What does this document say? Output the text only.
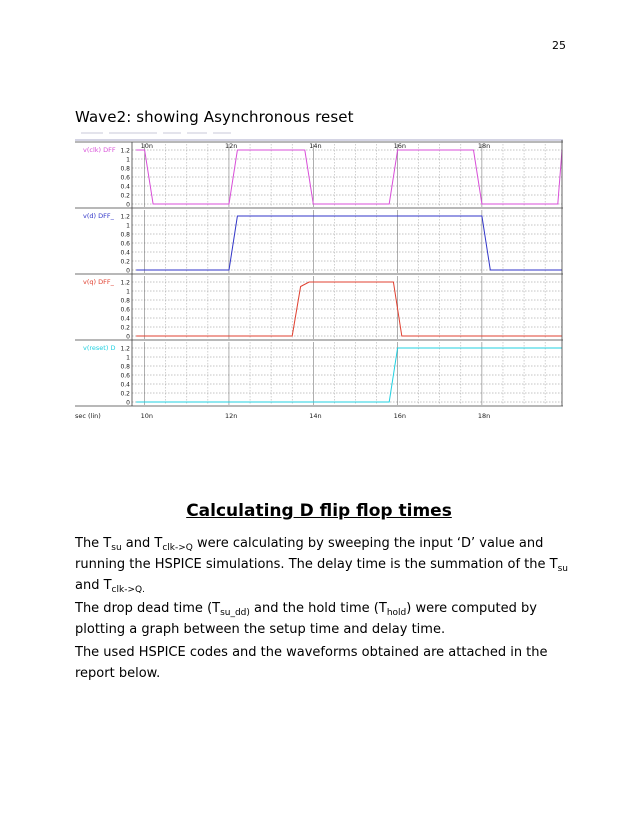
25
Wave2: showing Asynchronous reset
10n	12n	14n	16n	18n
1.2
1
0.8
0.6
0.4
0.2
0
v(clk) DFF
1.2
1
0.8
0.6
0.4
0.2
0
v(d) DFF_
1.2
1
0.8
0.6
0.4
0.2
0
v(q) DFF_
1.2
1
0.8
0.6
0.4
0.2
0
v(reset) D
sec (lin)	10n	12n	14n	16n	18n
Calculating D flip flop times

The $T_{su}$ and $T_{clk->Q}$ were calculating by sweeping the input ‘D’ value and running the HSPICE simulations. The delay time is the summation of the $T_{su}$
and $T_{clk->Q.}$

The drop dead time ($T_{su\_dd)}$ and the hold time $(T_{hold})$ were computed by plotting a graph between the setup time and delay time.

The used HSPICE codes and the waveforms obtained are attached in the report below.
